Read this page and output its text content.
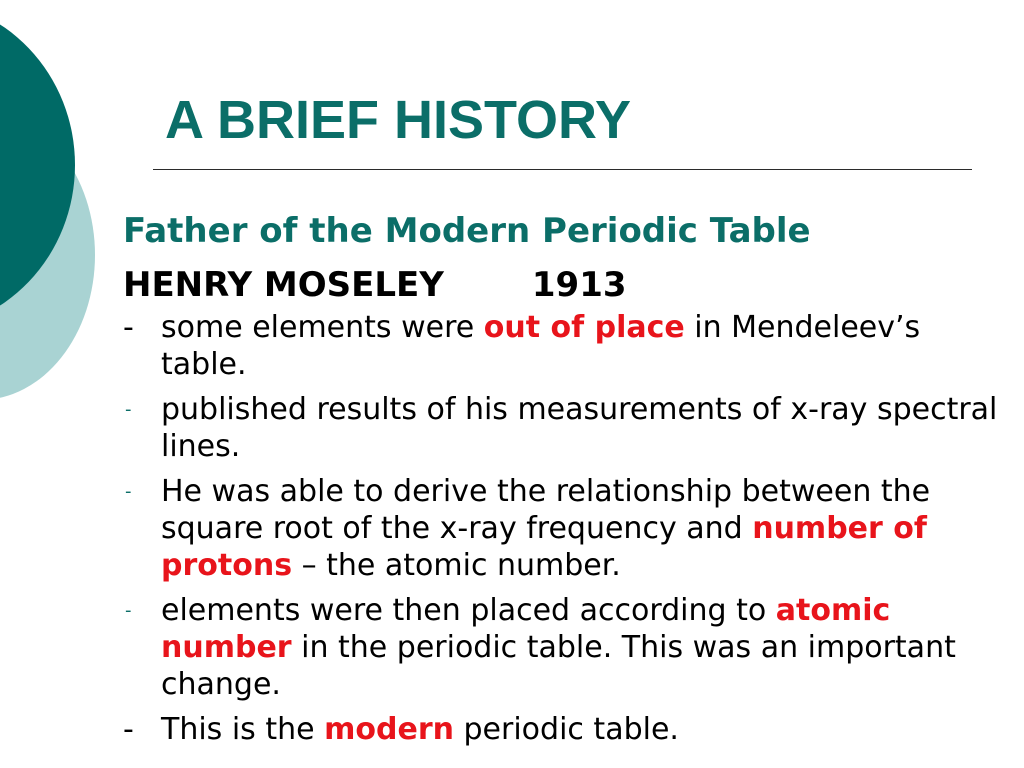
A BRIEF HISTORY
Father of the Modern Periodic Table
HENRY MOSELEY	1913
- some elements were out of place in Mendeleev’s table.
- published results of his measurements of x-ray spectral lines.
- He was able to derive the relationship between the square root of the x-ray frequency and number of protons – the atomic number.
- elements were then placed according to atomic number in the periodic table. This was an important change.
- This is the modern periodic table.
